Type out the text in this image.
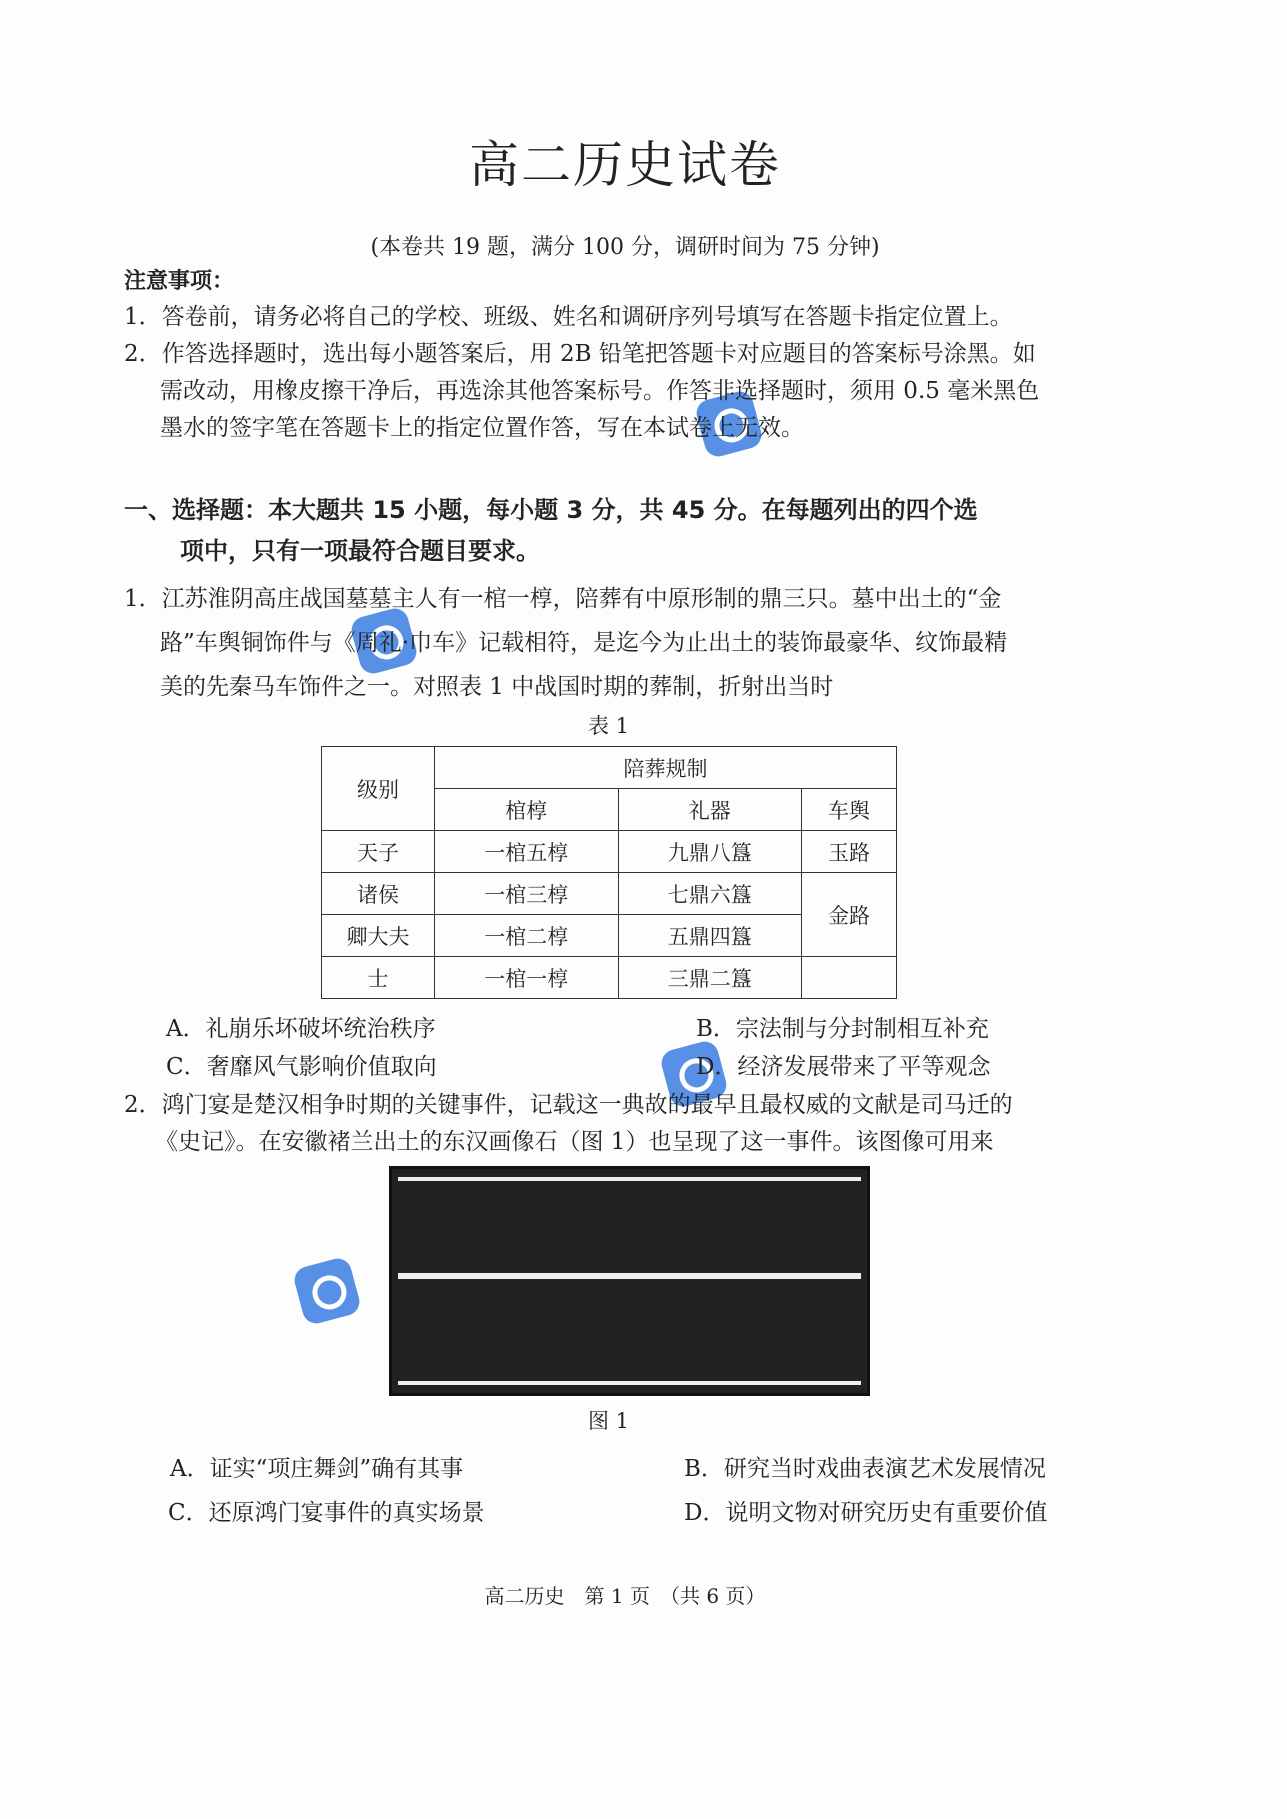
高二历史试卷
(本卷共 19 题，满分 100 分，调研时间为 75 分钟)
注意事项：
1．答卷前，请务必将自己的学校、班级、姓名和调研序列号填写在答题卡指定位置上。
2．作答选择题时，选出每小题答案后，用 2B 铅笔把答题卡对应题目的答案标号涂黑。如
需改动，用橡皮擦干净后，再选涂其他答案标号。作答非选择题时，须用 0.5 毫米黑色
墨水的签字笔在答题卡上的指定位置作答，写在本试卷上无效。
一、选择题：本大题共 15 小题，每小题 3 分，共 45 分。在每题列出的四个选
项中，只有一项最符合题目要求。
1．江苏淮阴高庄战国墓墓主人有一棺一椁，陪葬有中原形制的鼎三只。墓中出土的“金
路”车舆铜饰件与《周礼·巾车》记载相符，是迄今为止出土的装饰最豪华、纹饰最精
美的先秦马车饰件之一。对照表 1 中战国时期的葬制，折射出当时
表 1
级别	陪葬规制		
	棺椁	礼器	车舆
天子	一棺五椁	九鼎八簋	玉路
诸侯	一棺三椁	七鼎六簋	金路
卿大夫	一棺二椁	五鼎四簋	
士	一棺一椁	三鼎二簋	
A．礼崩乐坏破坏统治秩序	B．宗法制与分封制相互补充
C．奢靡风气影响价值取向	D．经济发展带来了平等观念
2．鸿门宴是楚汉相争时期的关键事件，记载这一典故的最早且最权威的文献是司马迁的
《史记》。在安徽褚兰出土的东汉画像石（图 1）也呈现了这一事件。该图像可用来
图 1
A．证实“项庄舞剑”确有其事	B．研究当时戏曲表演艺术发展情况
C．还原鸿门宴事件的真实场景	D．说明文物对研究历史有重要价值
高二历史　第 1 页　（共 6 页）
